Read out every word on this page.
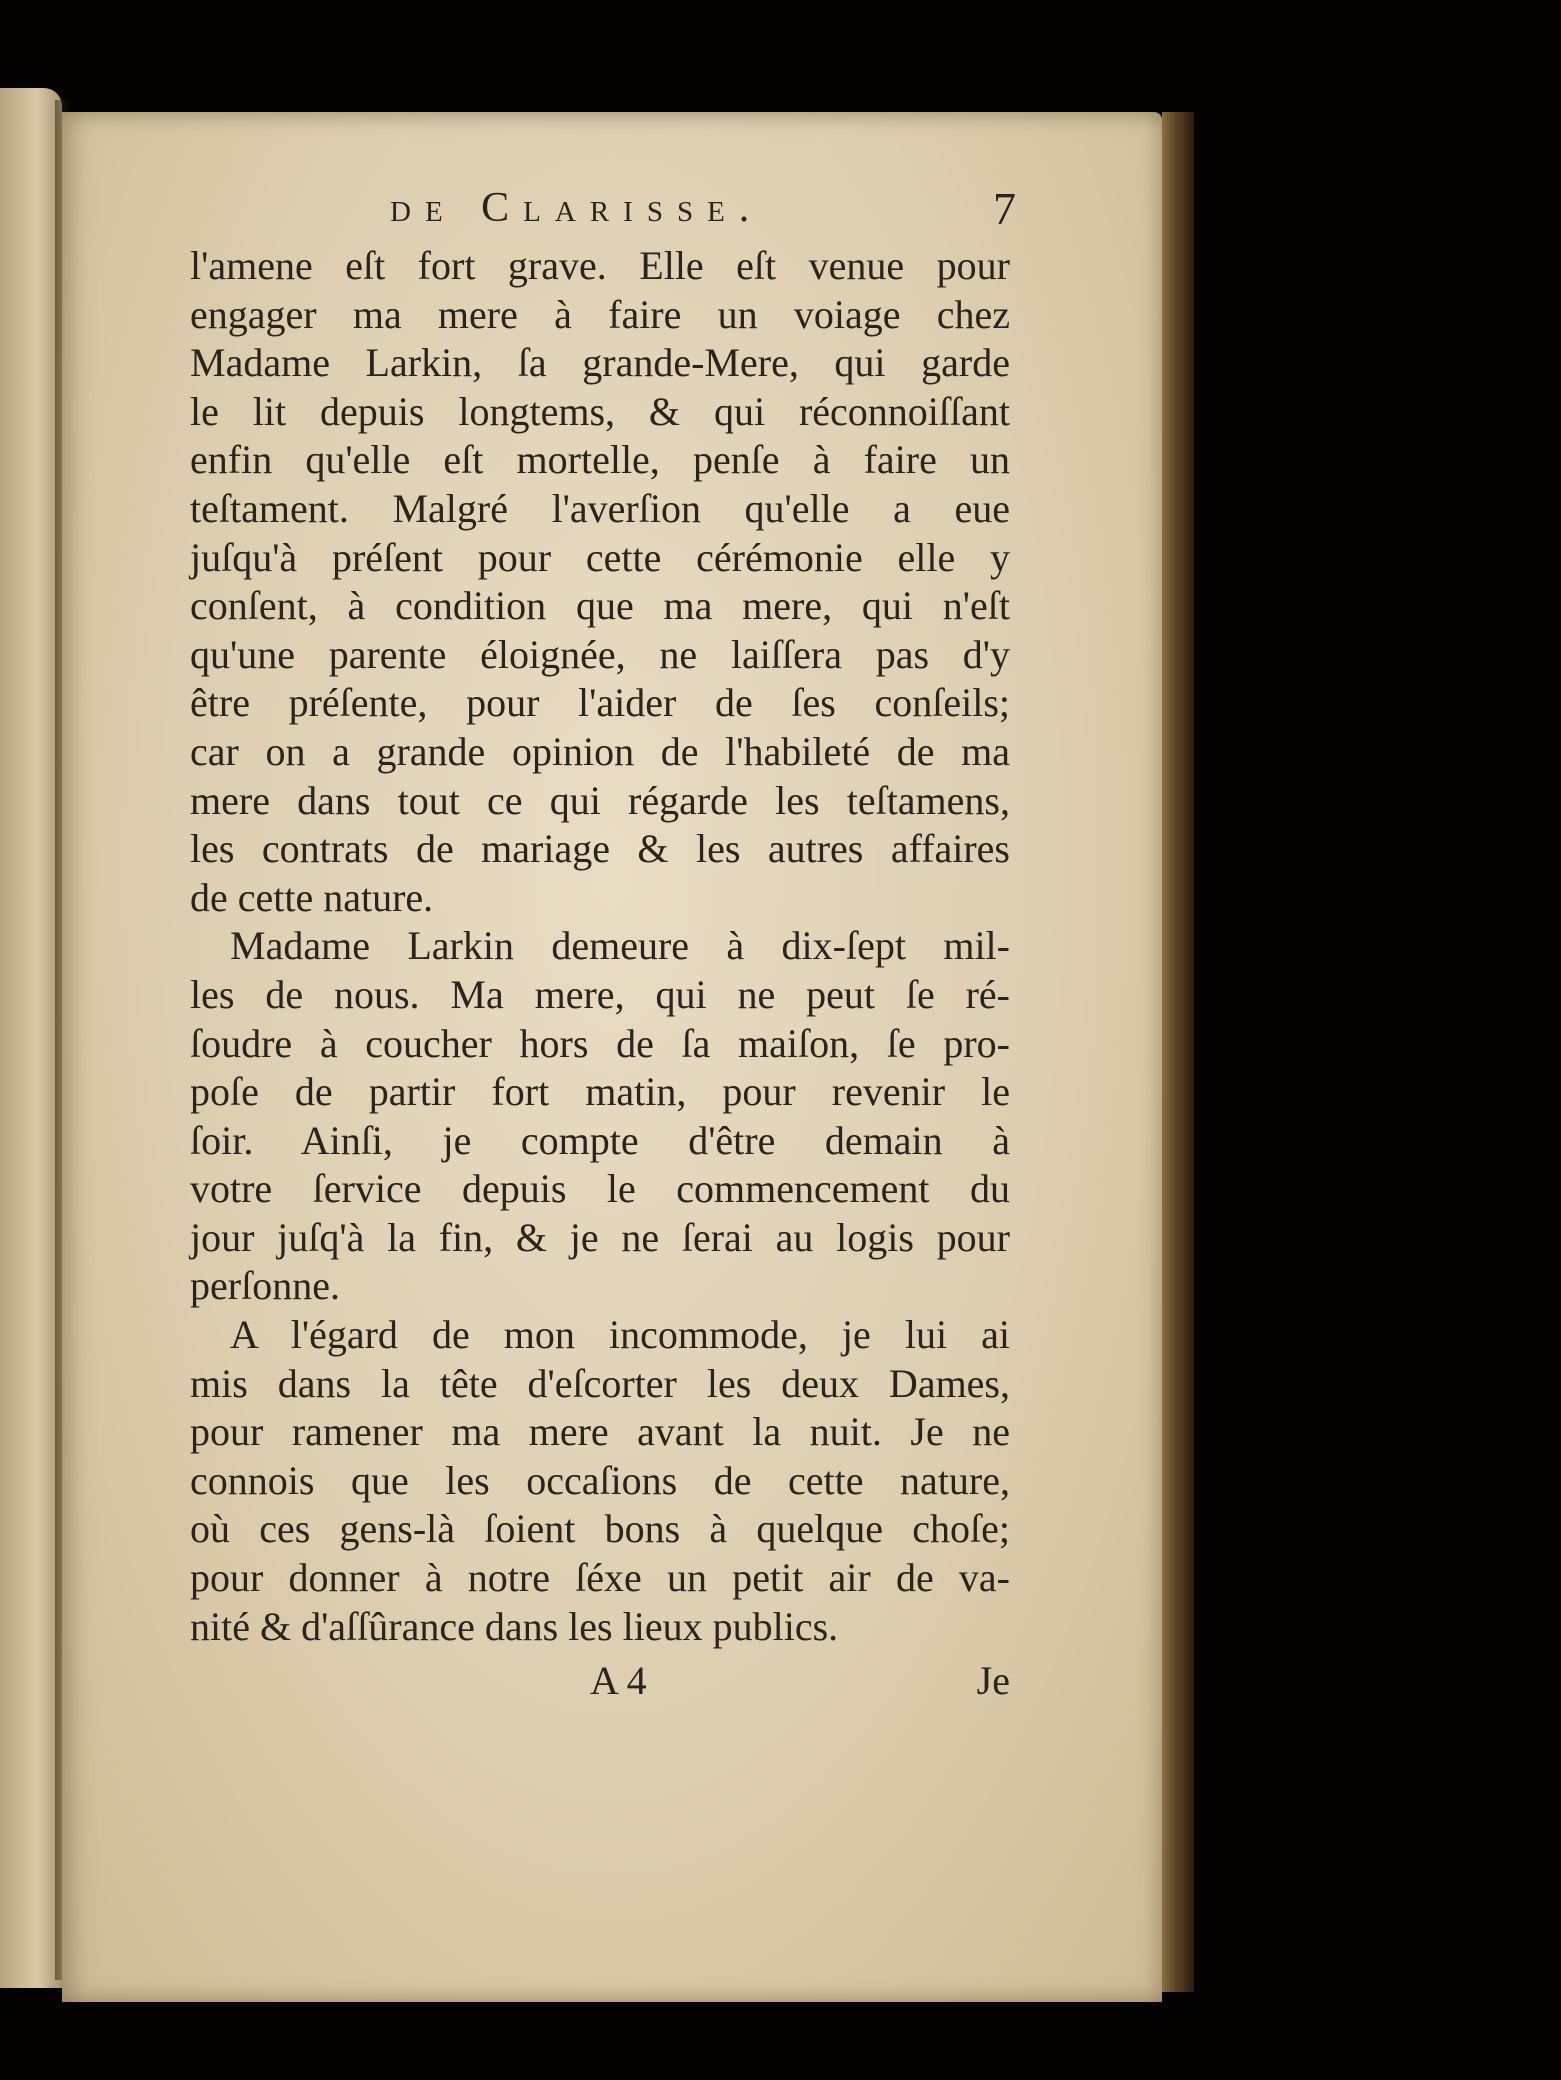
de Clarisse.	7
l'amene eſt fort grave. Elle eſt venue pour
engager ma mere à faire un voiage chez
Madame Larkin, ſa grande-Mere, qui garde
le lit depuis longtems, & qui réconnoiſſant
enfin qu'elle eſt mortelle, penſe à faire un
teſtament. Malgré l'averſion qu'elle a eue
juſqu'à préſent pour cette cérémonie elle y
conſent, à condition que ma mere, qui n'eſt
qu'une parente éloignée, ne laiſſera pas d'y
être préſente, pour l'aider de ſes conſeils;
car on a grande opinion de l'habileté de ma
mere dans tout ce qui régarde les teſtamens,
les contrats de mariage & les autres affaires
de cette nature.
Madame Larkin demeure à dix-ſept mil-
les de nous. Ma mere, qui ne peut ſe ré-
ſoudre à coucher hors de ſa maiſon, ſe pro-
poſe de partir fort matin, pour revenir le
ſoir. Ainſi, je compte d'être demain à
votre ſervice depuis le commencement du
jour juſq'à la fin, & je ne ſerai au logis pour
perſonne.
A l'égard de mon incommode, je lui ai
mis dans la tête d'eſcorter les deux Dames,
pour ramener ma mere avant la nuit. Je ne
connois que les occaſions de cette nature,
où ces gens-là ſoient bons à quelque choſe;
pour donner à notre ſéxe un petit air de va-
nité & d'aſſûrance dans les lieux publics.
A 4	Je
